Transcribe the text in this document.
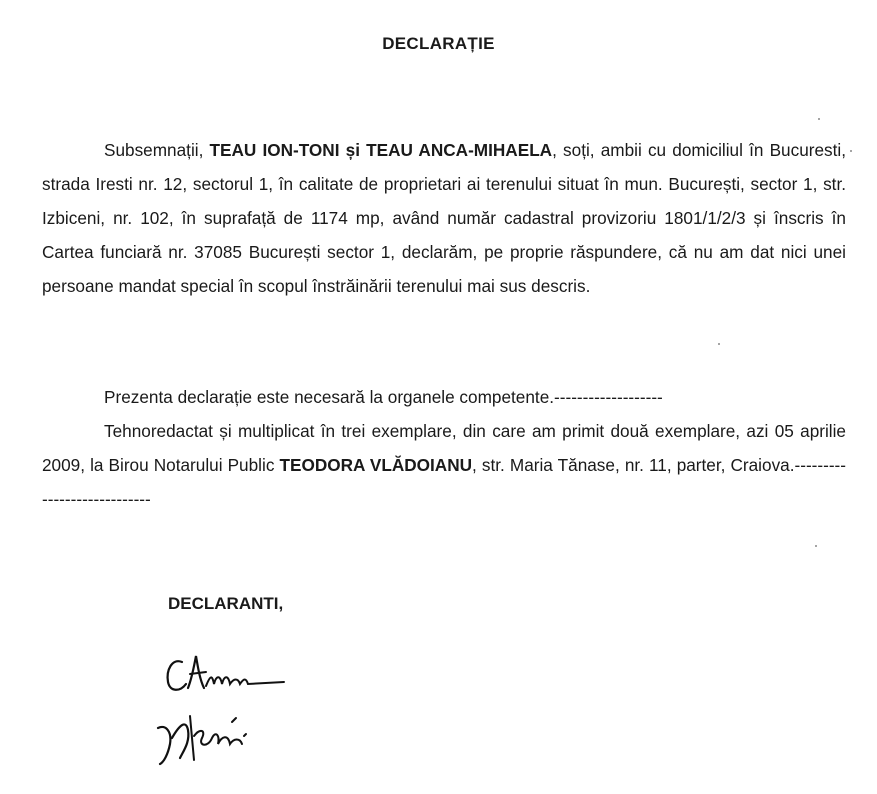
DECLARAȚIE

Subsemnații, TEAU ION-TONI și TEAU ANCA-MIHAELA, soți, ambii cu domiciliul în Bucuresti, strada Iresti nr. 12, sectorul 1, în calitate de proprietari ai terenului situat în mun. București, sector 1, str. Izbiceni, nr. 102, în suprafață de 1174 mp, având număr cadastral provizoriu 1801/1/2/3 și înscris în Cartea funciară nr. 37085 București sector 1, declarăm, pe proprie răspundere, că nu am dat nici unei persoane mandat special în scopul înstrăinării terenului mai sus descris.

Prezenta declarație este necesară la organele competente.-------------------

Tehnoredactat și multiplicat în trei exemplare, din care am primit două exemplare, azi 05 aprilie 2009, la Birou Notarului Public TEODORA VLĂDOIANU, str. Maria Tănase, nr. 11, parter, Craiova.----------------------------

DECLARANTI,
